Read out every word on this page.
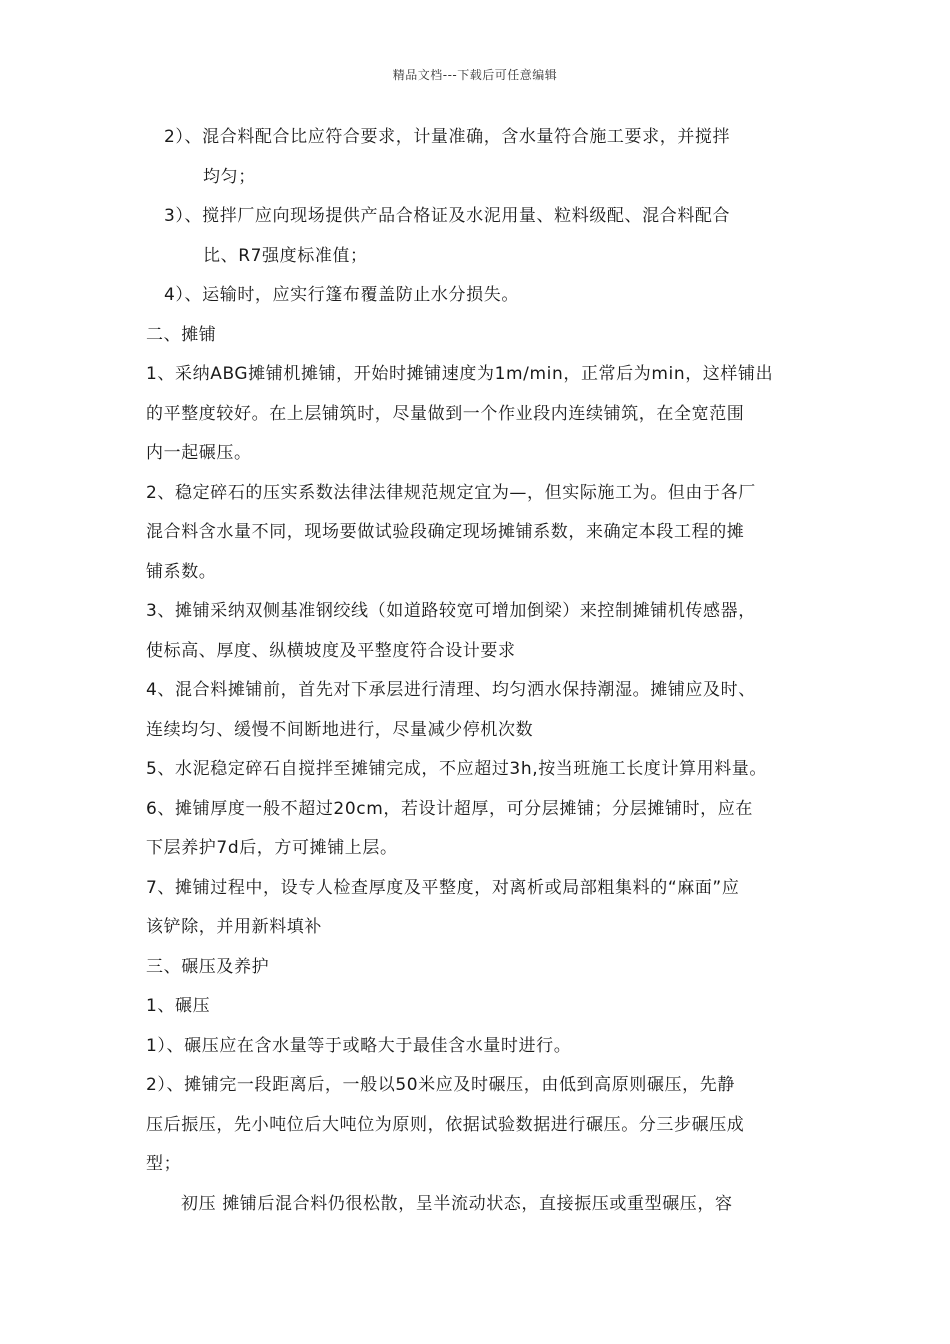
精品文档---下载后可任意编辑
2）、混合料配合比应符合要求，计量准确，含水量符合施工要求，并搅拌
均匀；
3）、搅拌厂应向现场提供产品合格证及水泥用量、粒料级配、混合料配合
比、R7强度标准值；
4）、运输时，应实行篷布覆盖防止水分损失。
二、摊铺
1、采纳ABG摊铺机摊铺，开始时摊铺速度为1m/min，正常后为min，这样铺出
的平整度较好。在上层铺筑时，尽量做到一个作业段内连续铺筑，在全宽范围
内一起碾压。
2、稳定碎石的压实系数法律法律规范规定宜为—，但实际施工为。但由于各厂
混合料含水量不同，现场要做试验段确定现场摊铺系数，来确定本段工程的摊
铺系数。
3、摊铺采纳双侧基准钢绞线（如道路较宽可增加倒梁）来控制摊铺机传感器，
使标高、厚度、纵横坡度及平整度符合设计要求
4、混合料摊铺前，首先对下承层进行清理、均匀洒水保持潮湿。摊铺应及时、
连续均匀、缓慢不间断地进行，尽量减少停机次数
5、水泥稳定碎石自搅拌至摊铺完成，不应超过3h,按当班施工长度计算用料量。
6、摊铺厚度一般不超过20cm，若设计超厚，可分层摊铺；分层摊铺时，应在
下层养护7d后，方可摊铺上层。
7、摊铺过程中，设专人检查厚度及平整度，对离析或局部粗集料的“麻面”应
该铲除，并用新料填补
三、碾压及养护
1、碾压
1）、碾压应在含水量等于或略大于最佳含水量时进行。
2）、摊铺完一段距离后，一般以50米应及时碾压，由低到高原则碾压，先静
压后振压，先小吨位后大吨位为原则，依据试验数据进行碾压。分三步碾压成
型；
初压 摊铺后混合料仍很松散，呈半流动状态，直接振压或重型碾压，容
